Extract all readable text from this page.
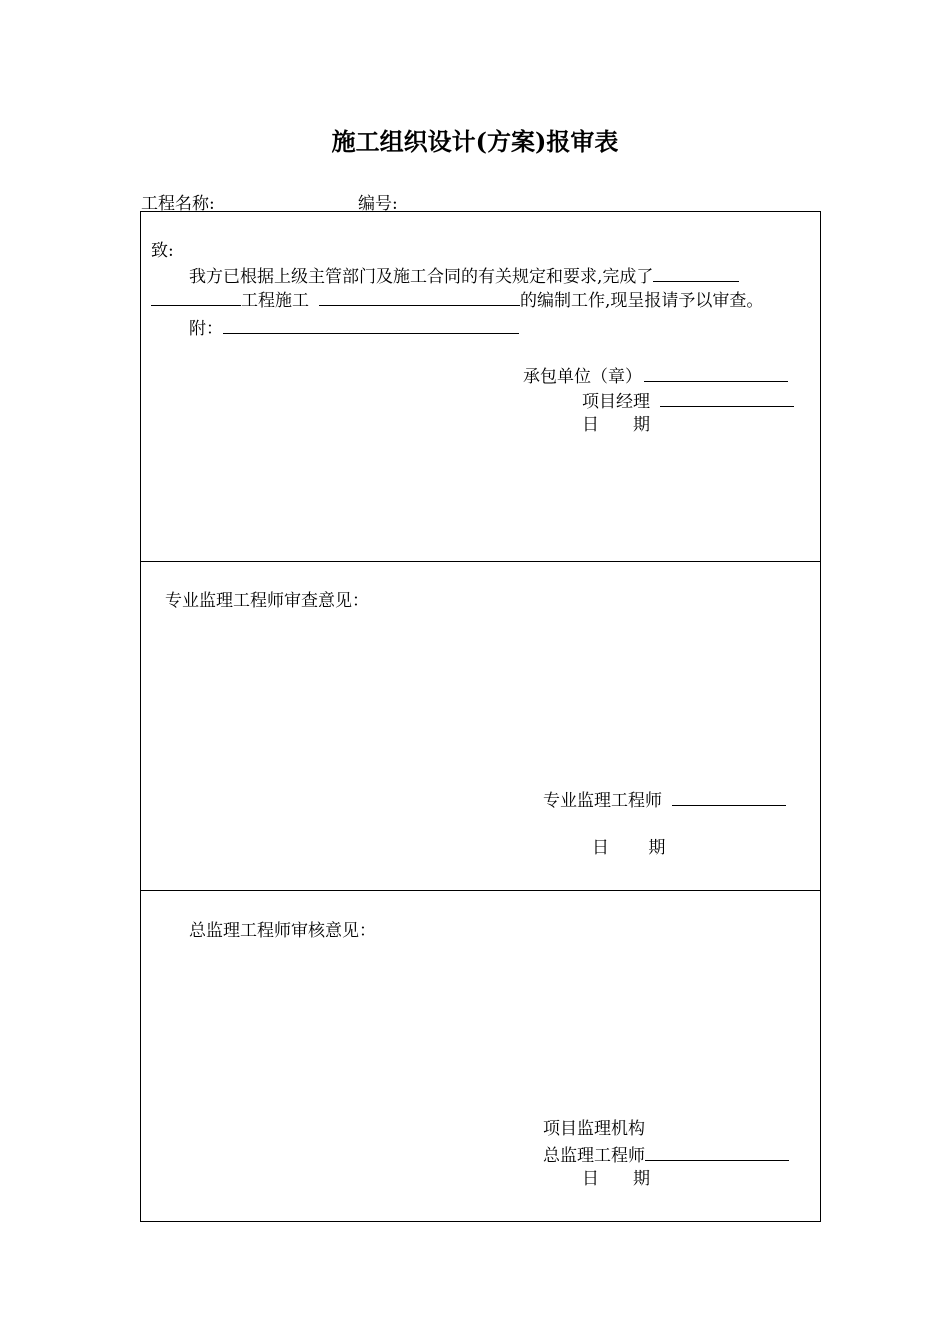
施工组织设计(方案)报审表
工程名称:	编号:
致:
我方已根据上级主管部门及施工合同的有关规定和要求,完成了
工程施工	的编制工作,现呈报请予以审查。
附：
承包单位（章）
项目经理
日　　期
专业监理工程师审查意见：
专业监理工程师
日　　 期
总监理工程师审核意见：
项目监理机构
总监理工程师
日　　期
